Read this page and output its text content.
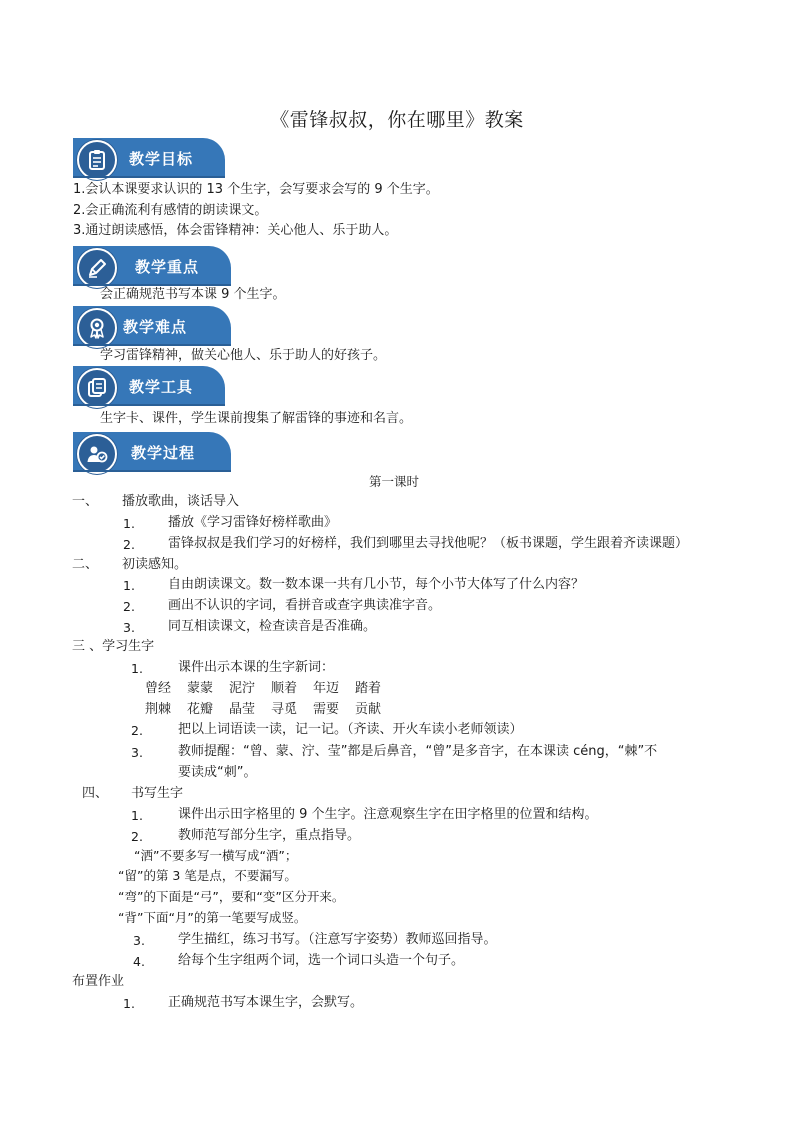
《雷锋叔叔，你在哪里》教案
教学目标
1.会认本课要求认识的 13 个生字，会写要求会写的 9 个生字。
2.会正确流利有感情的朗读课文。
3.通过朗读感悟，体会雷锋精神：关心他人、乐于助人。
教学重点
会正确规范书写本课 9 个生字。
教学难点
学习雷锋精神，做关心他人、乐于助人的好孩子。
教学工具
生字卡、课件，学生课前搜集了解雷锋的事迹和名言。
教学过程
第一课时
一、 播放歌曲，谈话导入
1.	播放《学习雷锋好榜样歌曲》
2.	雷锋叔叔是我们学习的好榜样，我们到哪里去寻找他呢？（板书课题，学生跟着齐读课题）
二、 初读感知。
1.	自由朗读课文。数一数本课一共有几小节，每个小节大体写了什么内容？
2.	画出不认识的字词，看拼音或查字典读准字音。
3.	同互相读课文，检查读音是否准确。
三 、学习生字
1.	课件出示本课的生字新词：
曾经 蒙蒙 泥泞 顺着 年迈 踏着
荆棘 花瓣 晶莹 寻觅 需要 贡献
2.	把以上词语读一读，记一记。（齐读、开火车读小老师领读）
3.	教师提醒：“曾、蒙、泞、莹”都是后鼻音，“曾”是多音字，在本课读 céng，“棘”不
要读成“刺”。
四、 书写生字
1.	课件出示田字格里的 9 个生字。注意观察生字在田字格里的位置和结构。
2.	教师范写部分生字，重点指导。
“洒”不要多写一横写成“酒”；
“留”的第 3 笔是点，不要漏写。
“弯”的下面是“弓”，要和“变”区分开来。
“背”下面“月”的第一笔要写成竖。
3.	学生描红，练习书写。（注意写字姿势）教师巡回指导。
4.	给每个生字组两个词，选一个词口头造一个句子。
布置作业
1.	正确规范书写本课生字，会默写。
